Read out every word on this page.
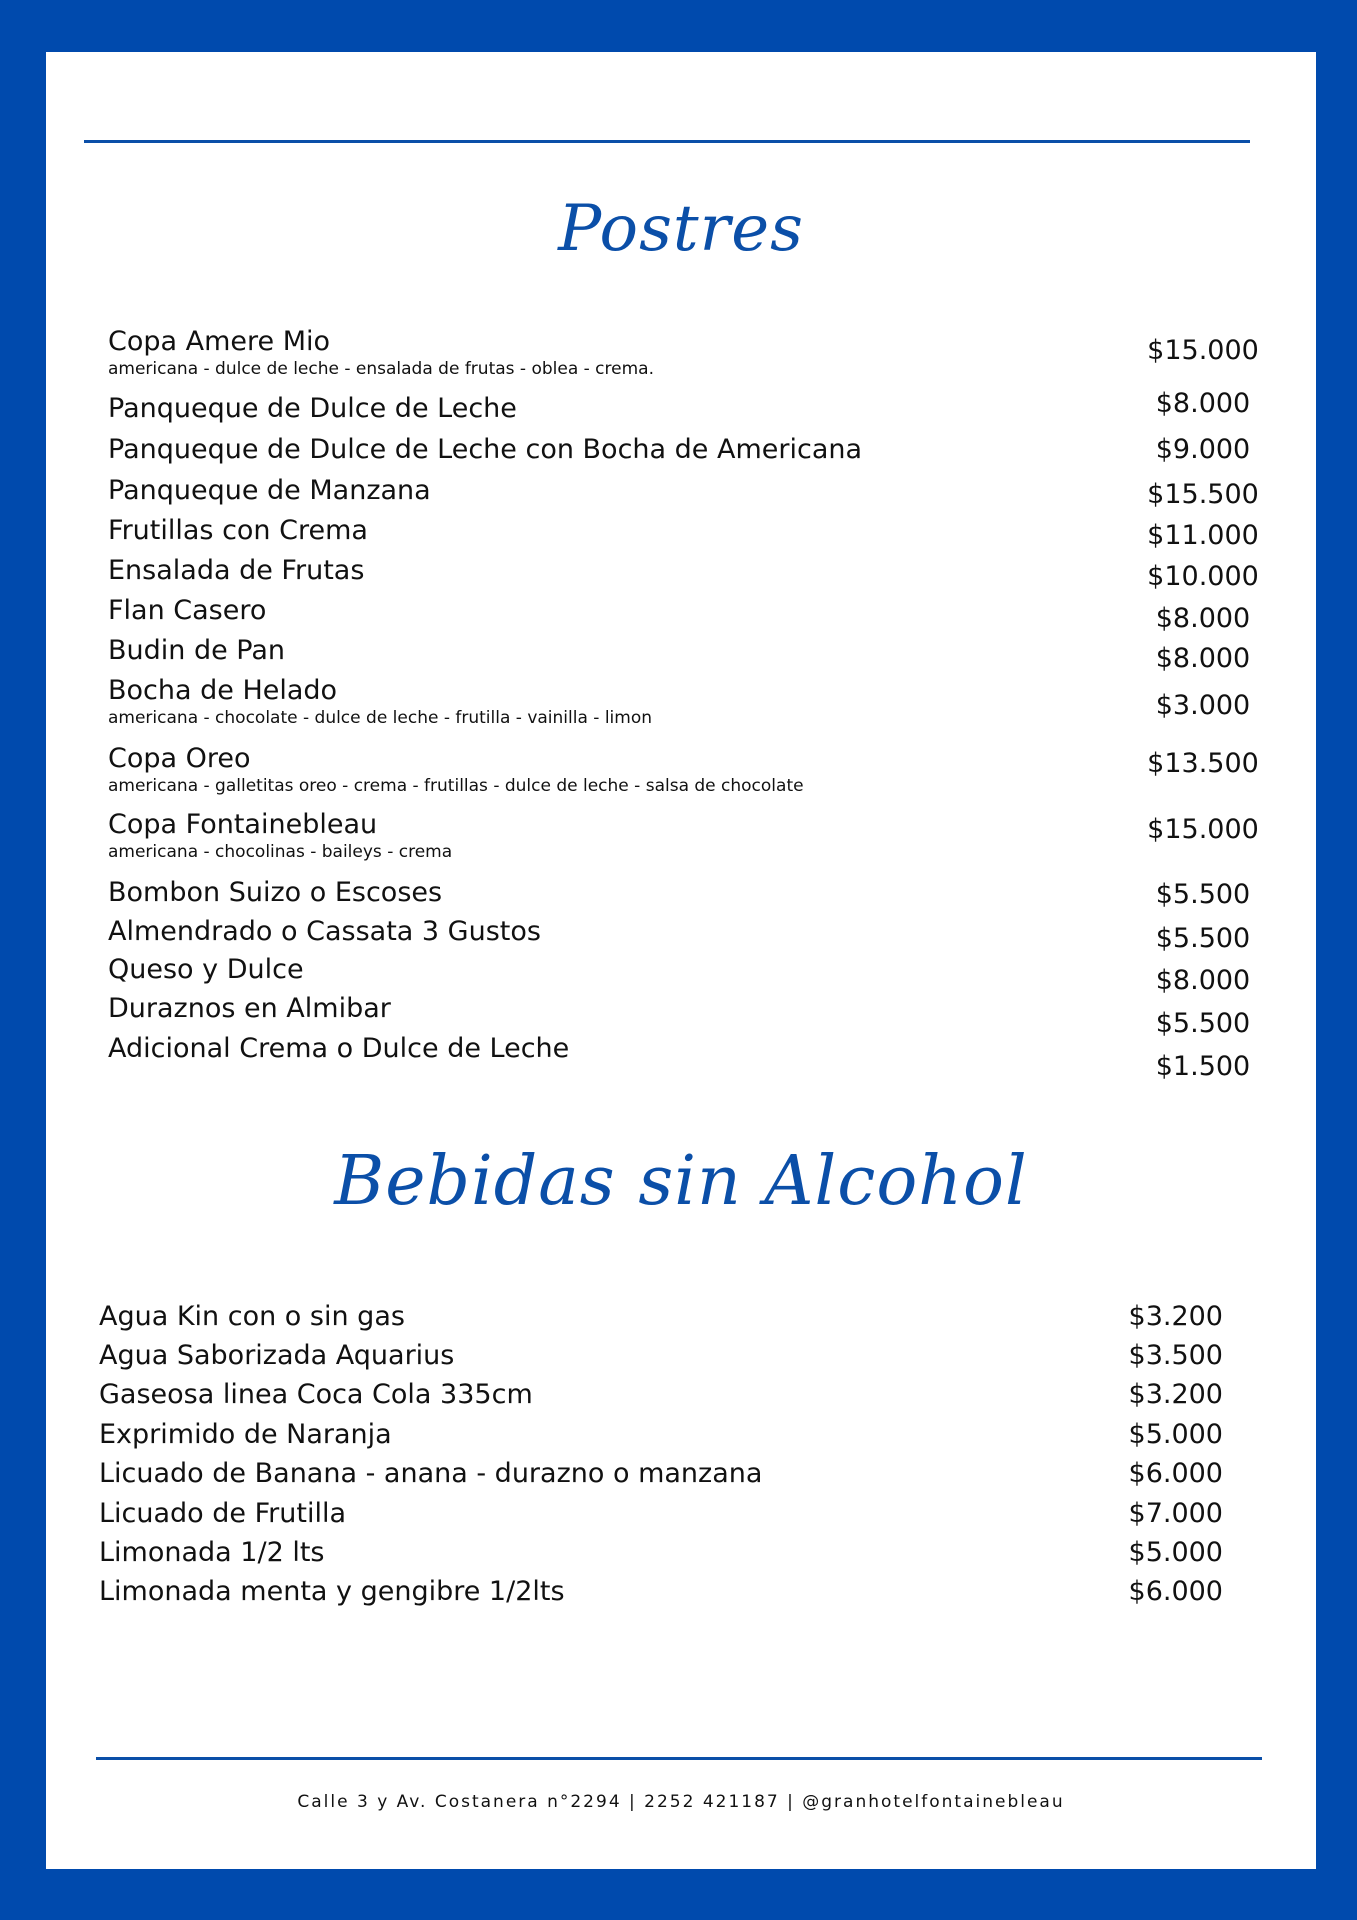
Postres
Copa Amere Mio
americana - dulce de leche - ensalada de frutas - oblea - crema.
$15.000
Panqueque de Dulce de Leche	$8.000
Panqueque de Dulce de Leche con Bocha de Americana	$9.000
Panqueque de Manzana	$15.500
Frutillas con Crema	$11.000
Ensalada de Frutas	$10.000
Flan Casero	$8.000
Budin de Pan	$8.000
Bocha de Helado
americana - chocolate - dulce de leche - frutilla - vainilla - limon	$3.000
Copa Oreo
americana - galletitas oreo - crema - frutillas - dulce de leche - salsa de chocolate
$13.500
Copa Fontainebleau
americana - chocolinas - baileys - crema
$15.000
Bombon Suizo o Escoses	$5.500
Almendrado o Cassata 3 Gustos	$5.500
Queso y Dulce	$8.000
Duraznos en Almibar	$5.500
Adicional Crema o Dulce de Leche
$1.500
Bebidas sin Alcohol
Agua Kin con o sin gas	$3.200
Agua Saborizada Aquarius	$3.500
Gaseosa linea Coca Cola 335cm	$3.200
Exprimido de Naranja	$5.000
Licuado de Banana - anana - durazno o manzana	$6.000
Licuado de Frutilla	$7.000
Limonada 1/2 lts	$5.000
Limonada menta y gengibre 1/2lts	$6.000
Calle 3 y Av. Costanera n°2294 | 2252 421187 | @granhotelfontainebleau
